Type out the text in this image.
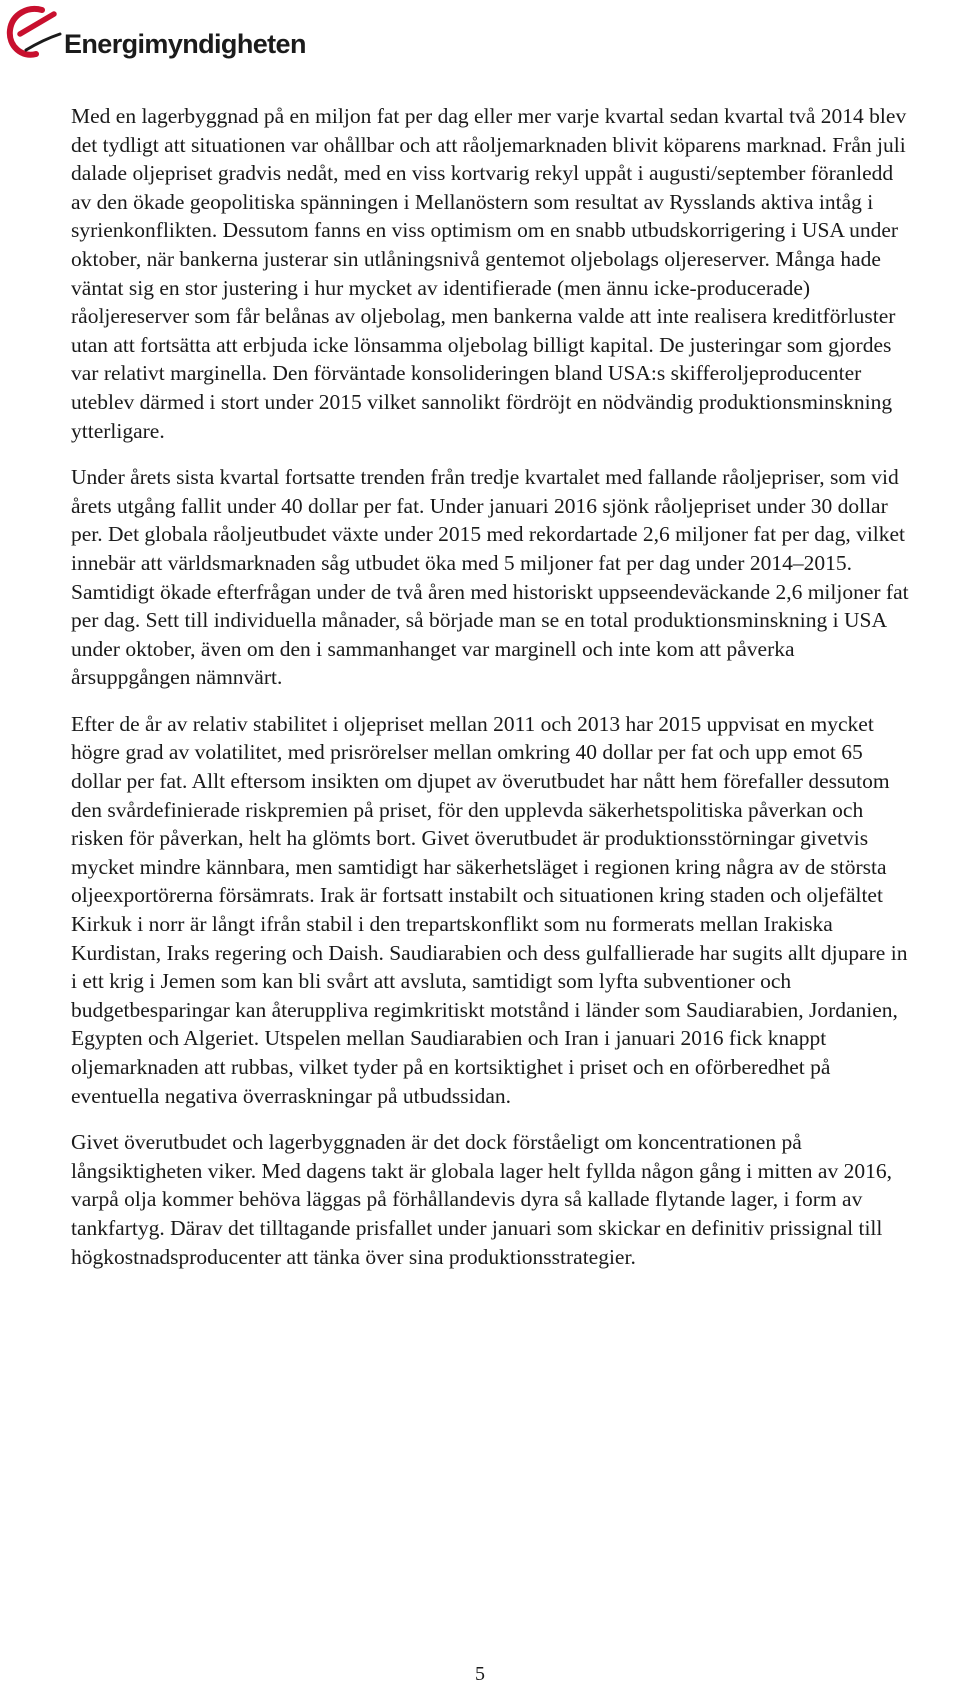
Energimyndigheten

Med en lagerbyggnad på en miljon fat per dag eller mer varje kvartal sedan kvartal två 2014 blev det tydligt att situationen var ohållbar och att råoljemarknaden blivit köparens marknad. Från juli dalade oljepriset gradvis nedåt, med en viss kortvarig rekyl uppåt i augusti/september föranledd av den ökade geopolitiska spänningen i Mellanöstern som resultat av Rysslands aktiva intåg i syrienkonflikten. Dessutom fanns en viss optimism om en snabb utbudskorrigering i USA under oktober, när bankerna justerar sin utlåningsnivå gentemot oljebolags oljereserver. Många hade väntat sig en stor justering i hur mycket av identifierade (men ännu icke-producerade) råoljereserver som får belånas av oljebolag, men bankerna valde att inte realisera kreditförluster utan att fortsätta att erbjuda icke lönsamma oljebolag billigt kapital. De justeringar som gjordes var relativt marginella. Den förväntade konsolideringen bland USA:s skifferoljeproducenter uteblev därmed i stort under 2015 vilket sannolikt fördröjt en nödvändig produktionsminskning ytterligare.

Under årets sista kvartal fortsatte trenden från tredje kvartalet med fallande råoljepriser, som vid årets utgång fallit under 40 dollar per fat. Under januari 2016 sjönk råoljepriset under 30 dollar per. Det globala råoljeutbudet växte under 2015 med rekordartade 2,6 miljoner fat per dag, vilket innebär att världsmarknaden såg utbudet öka med 5 miljoner fat per dag under 2014–2015. Samtidigt ökade efterfrågan under de två åren med historiskt uppseendeväckande 2,6 miljoner fat per dag. Sett till individuella månader, så började man se en total produktionsminskning i USA under oktober, även om den i sammanhanget var marginell och inte kom att påverka årsuppgången nämnvärt.

Efter de år av relativ stabilitet i oljepriset mellan 2011 och 2013 har 2015 uppvisat en mycket högre grad av volatilitet, med prisrörelser mellan omkring 40 dollar per fat och upp emot 65 dollar per fat. Allt eftersom insikten om djupet av överutbudet har nått hem förefaller dessutom den svårdefinierade riskpremien på priset, för den upplevda säkerhetspolitiska påverkan och risken för påverkan, helt ha glömts bort. Givet överutbudet är produktionsstörningar givetvis mycket mindre kännbara, men samtidigt har säkerhetsläget i regionen kring några av de största oljeexportörerna försämrats. Irak är fortsatt instabilt och situationen kring staden och oljefältet Kirkuk i norr är långt ifrån stabil i den trepartskonflikt som nu formerats mellan Irakiska Kurdistan, Iraks regering och Daish. Saudiarabien och dess gulfallierade har sugits allt djupare in i ett krig i Jemen som kan bli svårt att avsluta, samtidigt som lyfta subventioner och budgetbesparingar kan återuppliva regimkritiskt motstånd i länder som Saudiarabien, Jordanien, Egypten och Algeriet. Utspelen mellan Saudiarabien och Iran i januari 2016 fick knappt oljemarknaden att rubbas, vilket tyder på en kortsiktighet i priset och en oförberedhet på eventuella negativa överraskningar på utbudssidan.

Givet överutbudet och lagerbyggnaden är det dock förståeligt om koncentrationen på långsiktigheten viker. Med dagens takt är globala lager helt fyllda någon gång i mitten av 2016, varpå olja kommer behöva läggas på förhållandevis dyra så kallade flytande lager, i form av tankfartyg. Därav det tilltagande prisfallet under januari som skickar en definitiv prissignal till högkostnadsproducenter att tänka över sina produktionsstrategier.

5
